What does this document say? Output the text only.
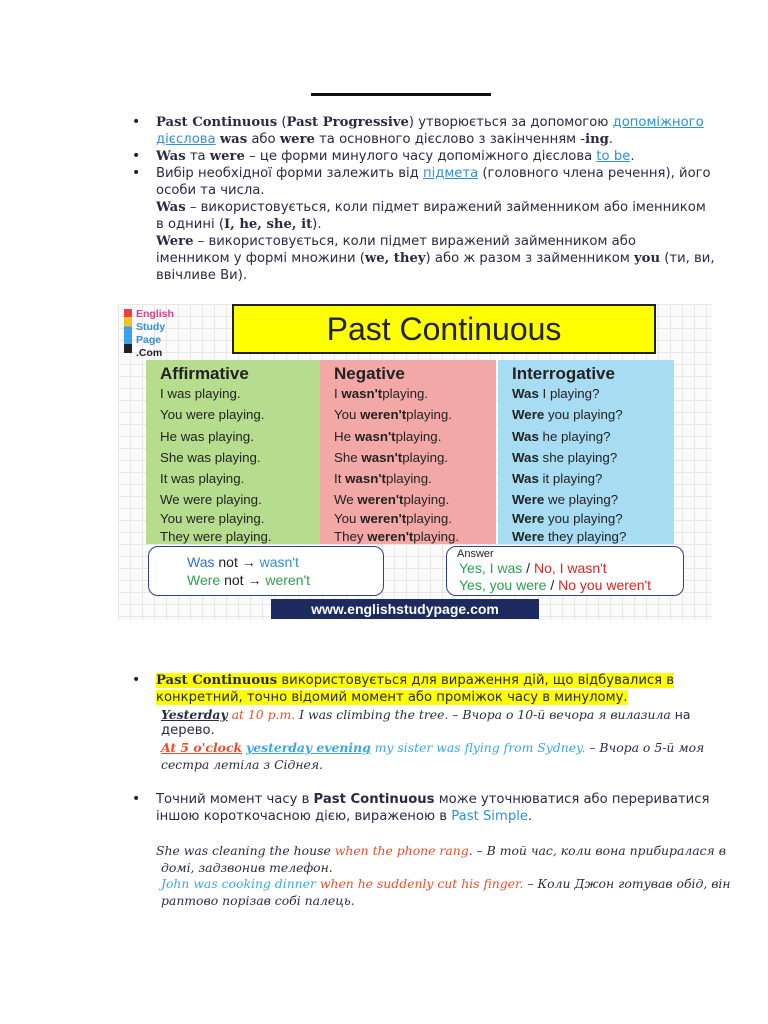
• Past Continuous (Past Progressive) утворюється за допомогою допоміжного
дієслова was або were та основного дієслово з закінченням -ing.
• Was та were – це форми минулого часу допоміжного дієслова to be.
• Вибір необхідної форми залежить від підмета (головного члена речення), його
особи та числа.
Was – використовується, коли підмет виражений займенником або іменником
в однині (I, he, she, it).
Were – використовується, коли підмет виражений займенником або
іменником у формі множини (we, they) або ж разом з займенником you (ти, ви,
ввічливе Ви).
English
Study
Page
.Com
Past Continuous
Affirmative
I was playing.
You were playing.
He was playing.
She was playing.
It was playing.
We were playing.
You were playing.
They were playing.
Negative
I wasn'tplaying.
You weren'tplaying.
He wasn'tplaying.
She wasn'tplaying.
It wasn'tplaying.
We weren'tplaying.
You weren'tplaying.
They weren'tplaying.
Interrogative
Was I playing?
Were you playing?
Was he playing?
Was she playing?
Was it playing?
Were we playing?
Were you playing?
Were they playing?
Was not → wasn't
Were not → weren't
Answer
Yes, I was / No, I wasn't
Yes, you were / No you weren't
www.englishstudypage.com
• Past Continuous використовується для вираження дій, що відбувалися в
конкретний, точно відомий момент або проміжок часу в минулому.
Yesterday at 10 p.m. I was climbing the tree. – Вчора о 10-й вечора я вилазила на
дерево.
At 5 o'clock yesterday evening my sister was flying from Sydney. – Вчора о 5-й моя
сестра летіла з Сіднея.
• Точний момент часу в Past Continuous може уточнюватися або перериватися
іншою короткочасною дією, вираженою в Past Simple.
She was cleaning the house when the phone rang. – В той час, коли вона прибиралася в
домі, задзвонив телефон.
John was cooking dinner when he suddenly cut his finger. – Коли Джон готував обід, він
раптово порізав собі палець.
